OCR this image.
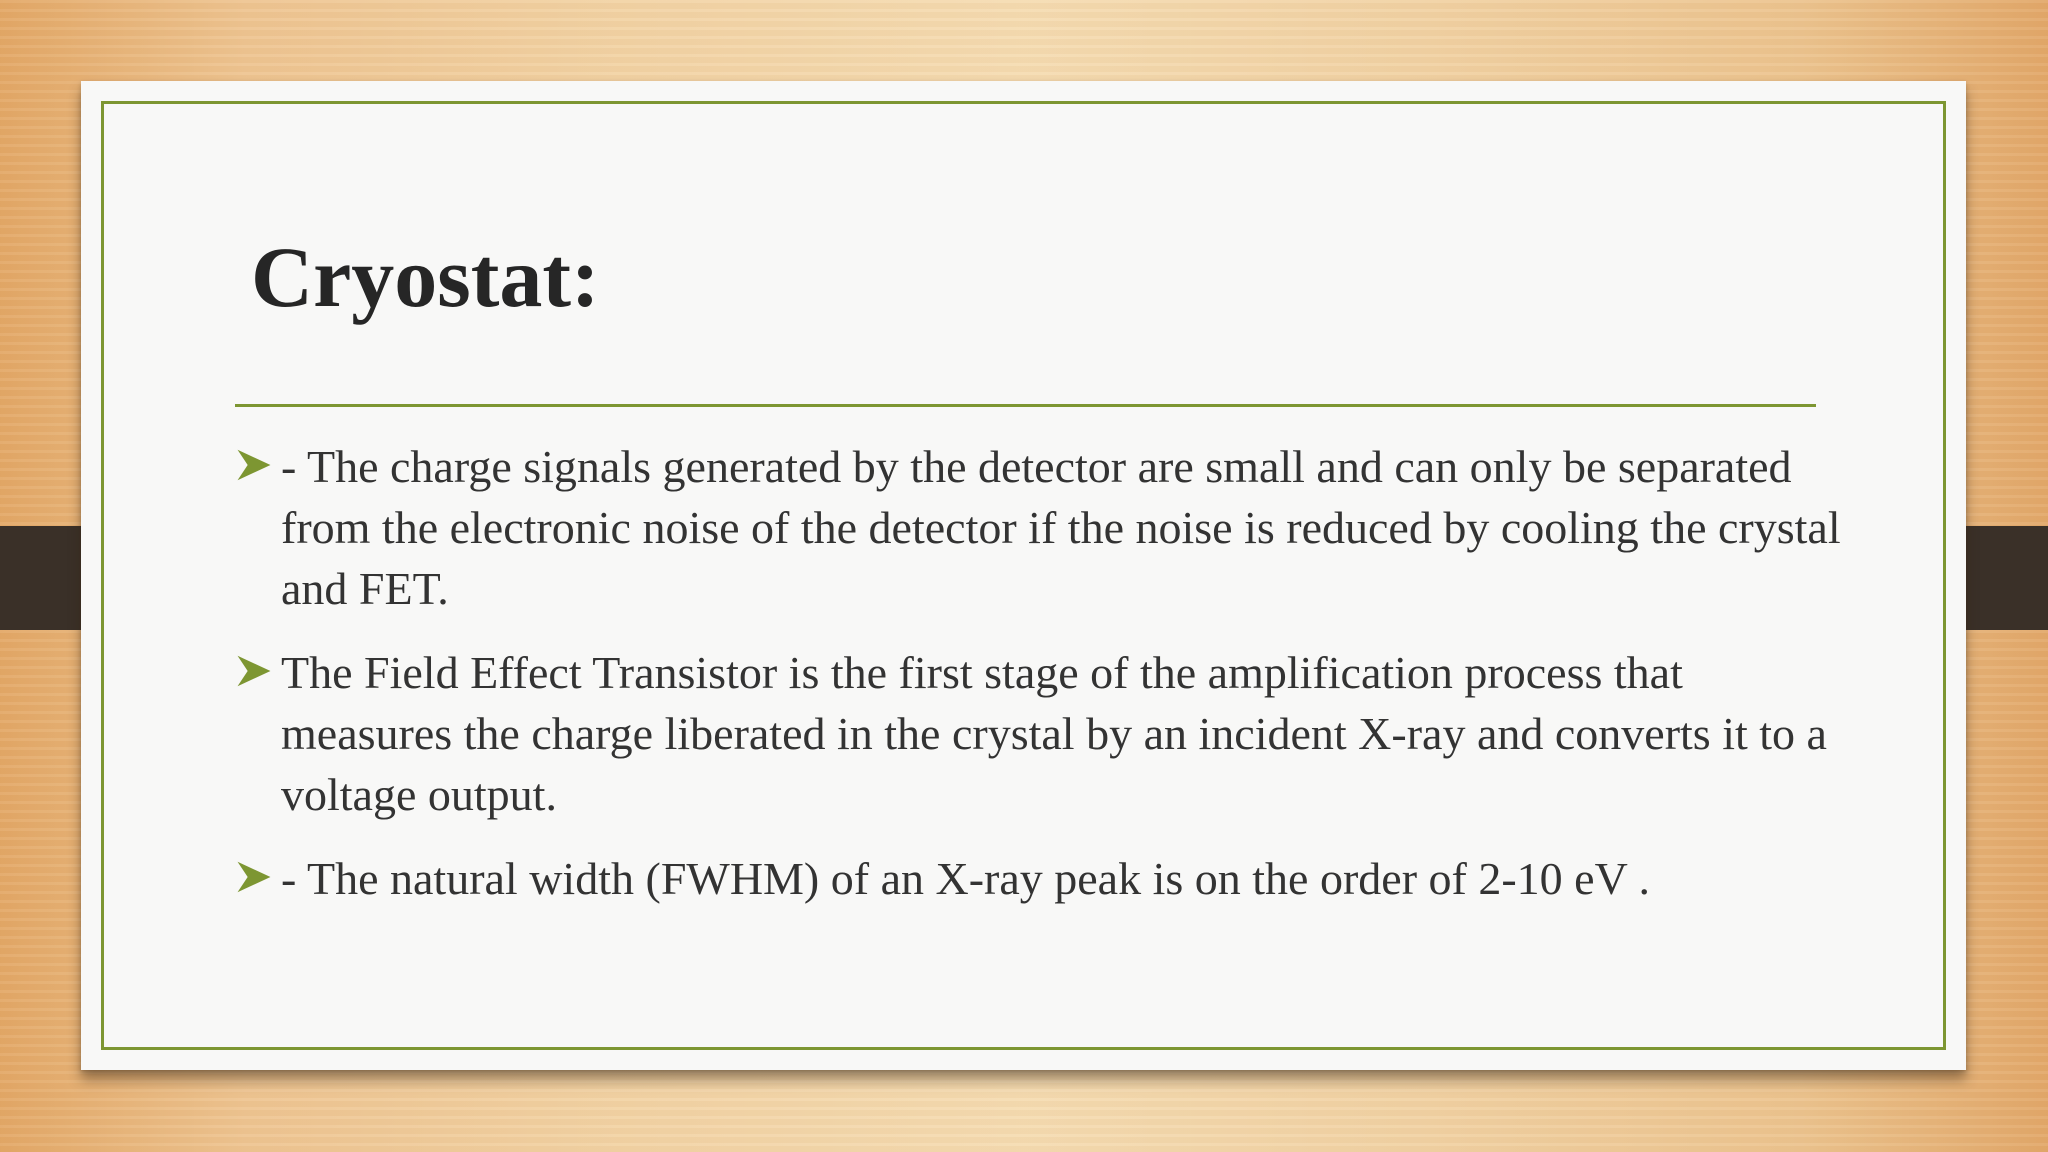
Cryostat:
- The charge signals generated by the detector are small and can only be separated from the electronic noise of the detector if the noise is reduced by cooling the crystal and FET.
The Field Effect Transistor is the first stage of the amplification process that measures the charge liberated in the crystal by an incident X-ray and converts it to a voltage output.
- The natural width (FWHM) of an X-ray peak is on the order of 2-10 eV .
